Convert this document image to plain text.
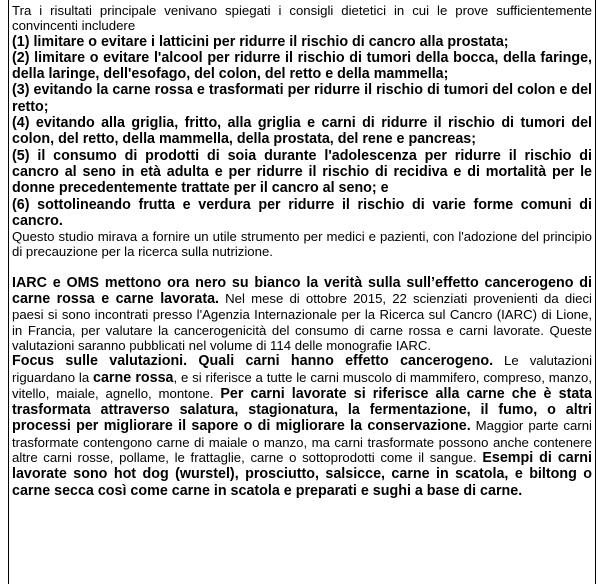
Tra i risultati principale venivano spiegati i consigli dietetici in cui le prove sufficientemente convincenti includere

(1) limitare o evitare i latticini per ridurre il rischio di cancro alla prostata;

(2) limitare o evitare l'alcool per ridurre il rischio di tumori della bocca, della faringe, della laringe, dell'esofago, del colon, del retto e della mammella;

(3) evitando la carne rossa e trasformati per ridurre il rischio di tumori del colon e del retto;

(4) evitando alla griglia, fritto, alla griglia e carni di ridurre il rischio di tumori del colon, del retto, della mammella, della prostata, del rene e pancreas;

(5) il consumo di prodotti di soia durante l'adolescenza per ridurre il rischio di cancro al seno in età adulta e per ridurre il rischio di recidiva e di mortalità per le donne precedentemente trattate per il cancro al seno; e

(6) sottolineando frutta e verdura per ridurre il rischio di varie forme comuni di cancro.

Questo studio mirava a fornire un utile strumento per medici e pazienti, con l'adozione del principio di precauzione per la ricerca sulla nutrizione.

IARC e OMS mettono ora nero su bianco la verità sulla sull’effetto cancerogeno di carne rossa e carne lavorata. Nel mese di ottobre 2015, 22 scienziati provenienti da dieci paesi si sono incontrati presso l'Agenzia Internazionale per la Ricerca sul Cancro (IARC) di Lione, in Francia, per valutare la cancerogenicità del consumo di carne rossa e carni lavorate. Queste valutazioni saranno pubblicati nel volume di 114 delle monografie IARC.

Focus sulle valutazioni. Quali carni hanno effetto cancerogeno. Le valutazioni riguardano la carne rossa, e si riferisce a tutte le carni muscolo di mammifero, compreso, manzo, vitello, maiale, agnello, montone. Per carni lavorate si riferisce alla carne che è stata trasformata attraverso salatura, stagionatura, la fermentazione, il fumo, o altri processi per migliorare il sapore o di migliorare la conservazione. Maggior parte carni trasformate contengono carne di maiale o manzo, ma carni trasformate possono anche contenere altre carni rosse, pollame, le frattaglie, carne o sottoprodotti come il sangue. Esempi di carni lavorate sono hot dog (wurstel), prosciutto, salsicce, carne in scatola, e biltong o carne secca così come carne in scatola e preparati e sughi a base di carne.
